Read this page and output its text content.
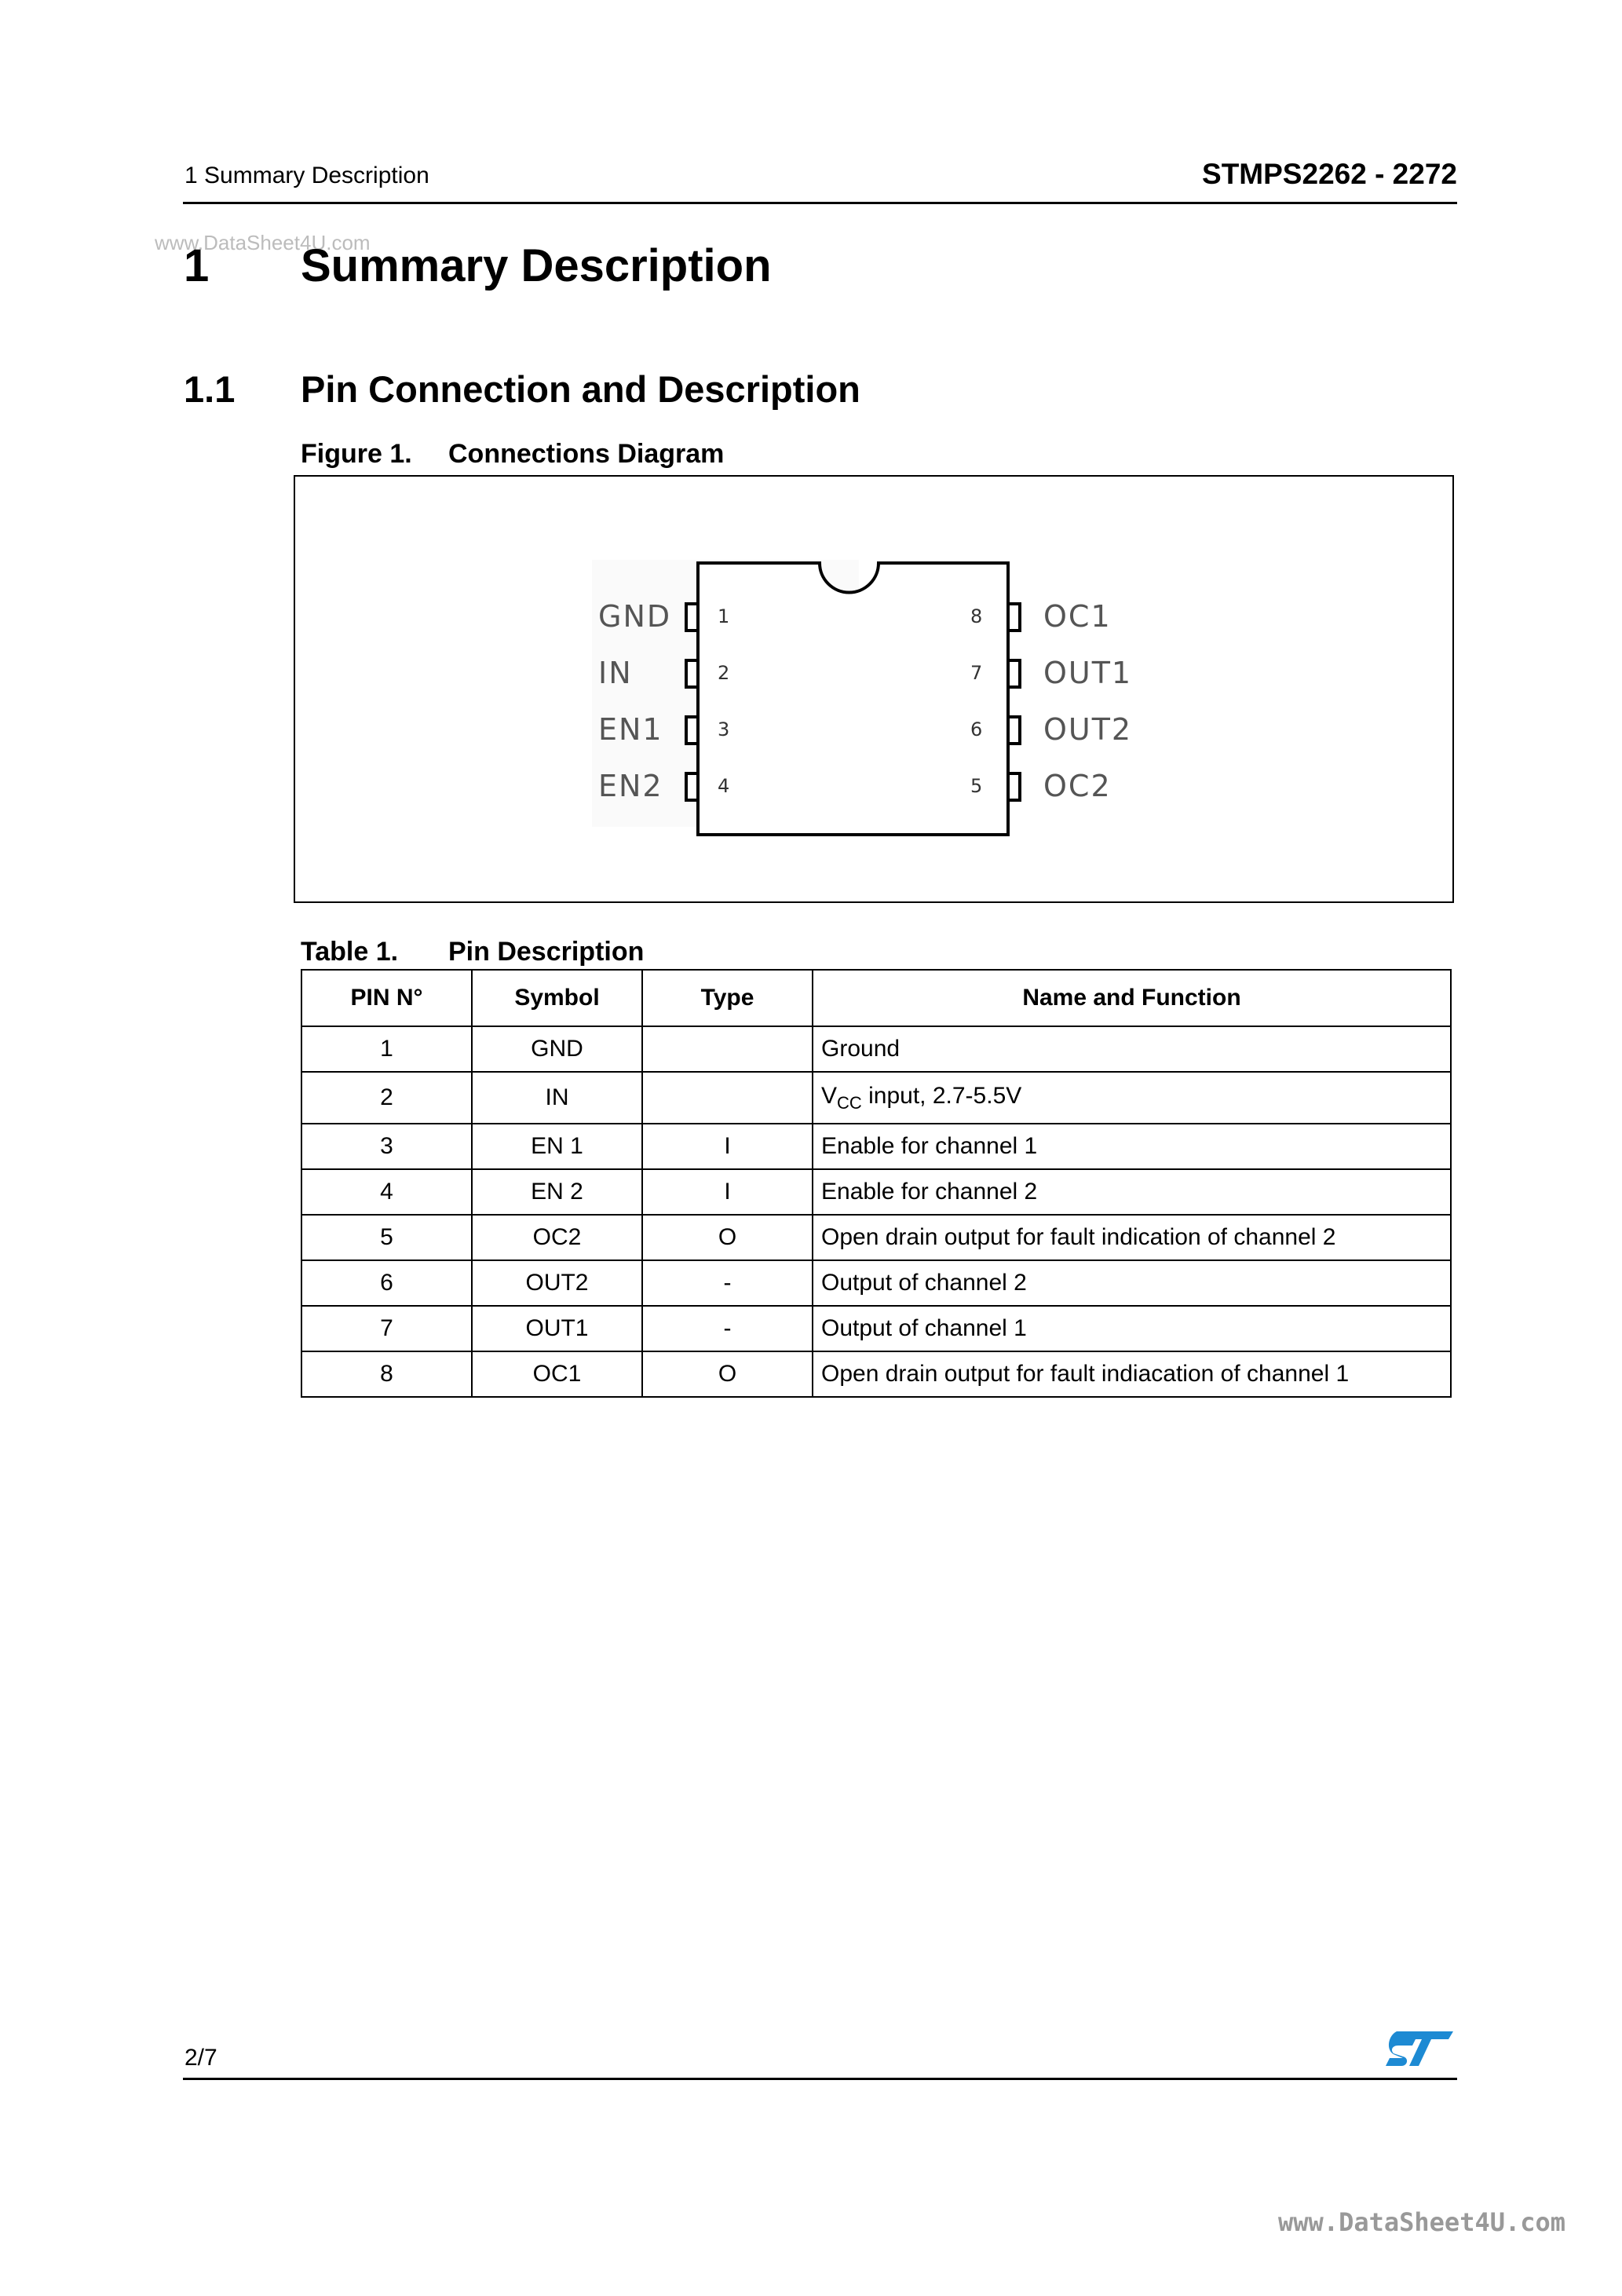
1 Summary Description	STMPS2262 - 2272
www.DataSheet4U.com
1 Summary Description
1.1 Pin Connection and Description
Figure 1. Connections Diagram
GND 1
IN	2
EN1	3
EN2	4
OC1
8
OUT1
7
OUT2
6
OC2
5
Table 1. Pin Description
PIN N°	Symbol	Type	Name and Function
1	GND		Ground
2	IN		$V_{CC}$ input, 2.7-5.5V
3	EN 1	I	Enable for channel 1
4	EN 2	I	Enable for channel 2
5	OC2	O	Open drain output for fault indication of channel 2
6	OUT2	-	Output of channel 2
7	OUT1	-	Output of channel 1
8	OC1	O	Open drain output for fault indiacation of channel 1
2/7
www.DataSheet4U.com
